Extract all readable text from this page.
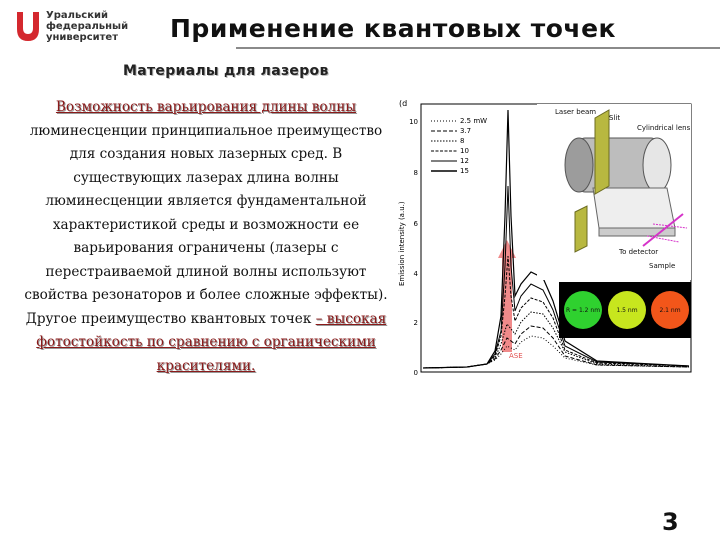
Уральский
федеральный
университет	Применение квантовых точек
Материалы для лазеров
Возможность варьирования длины волны люминесценции принципиальное преимущество для создания новых лазерных сред. В существующих лазерах длина волны люминесценции является фундаментальной характеристикой среды и возможности ее варьирования ограничены (лазеры с перестраиваемой длиной волны используют свойства резонаторов и более сложные эффекты). Другое преимущество квантовых точек – высокая фотостойкость по сравнению с органическими красителями.
(d
Emission intensity (a.u.)
10
8
6
4
2
0
ASE
2.5 mW
3.7
8
10
12
15
Laser beam
Slit
Cylindrical lens
To detector
Sample
R = 1.2 nm	1.5 nm	2.1 nm
3
